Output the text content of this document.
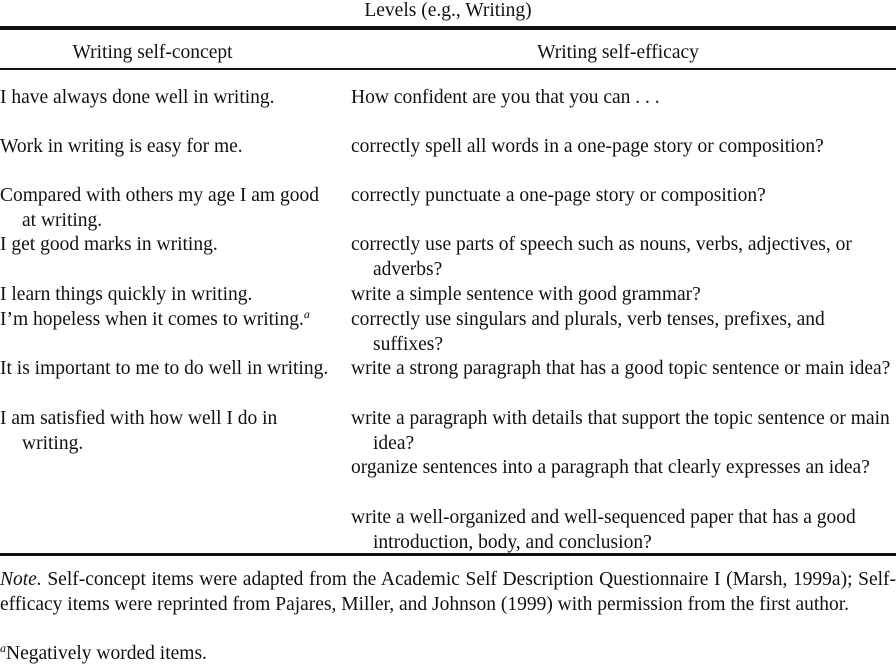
Levels (e.g., Writing)
Writing self-concept	Writing self-efficacy

I have always done well in writing.

Work in writing is easy for me.

Compared with others my age I am good at writing.

I get good marks in writing.

I learn things quickly in writing.

I’m hopeless when it comes to writing.$^a$

It is important to me to do well in writing.

I am satisfied with how well I do in writing.

How confident are you that you can . . .

correctly spell all words in a one-page story or composition?

correctly punctuate a one-page story or composition?

correctly use parts of speech such as nouns, verbs, adjectives, or adverbs?

write a simple sentence with good grammar?

correctly use singulars and plurals, verb tenses, prefixes, and suffixes?

write a strong paragraph that has a good topic sentence or main idea?

write a paragraph with details that support the topic sentence or main idea?

organize sentences into a paragraph that clearly expresses an idea?

write a well-organized and well-sequenced paper that has a good introduction, body, and conclusion?

Note. Self-concept items were adapted from the Academic Self Description Questionnaire I (Marsh, 1999a); Self-efficacy items were reprinted from Pajares, Miller, and Johnson (1999) with permission from the first author.
$^a$Negatively worded items.
